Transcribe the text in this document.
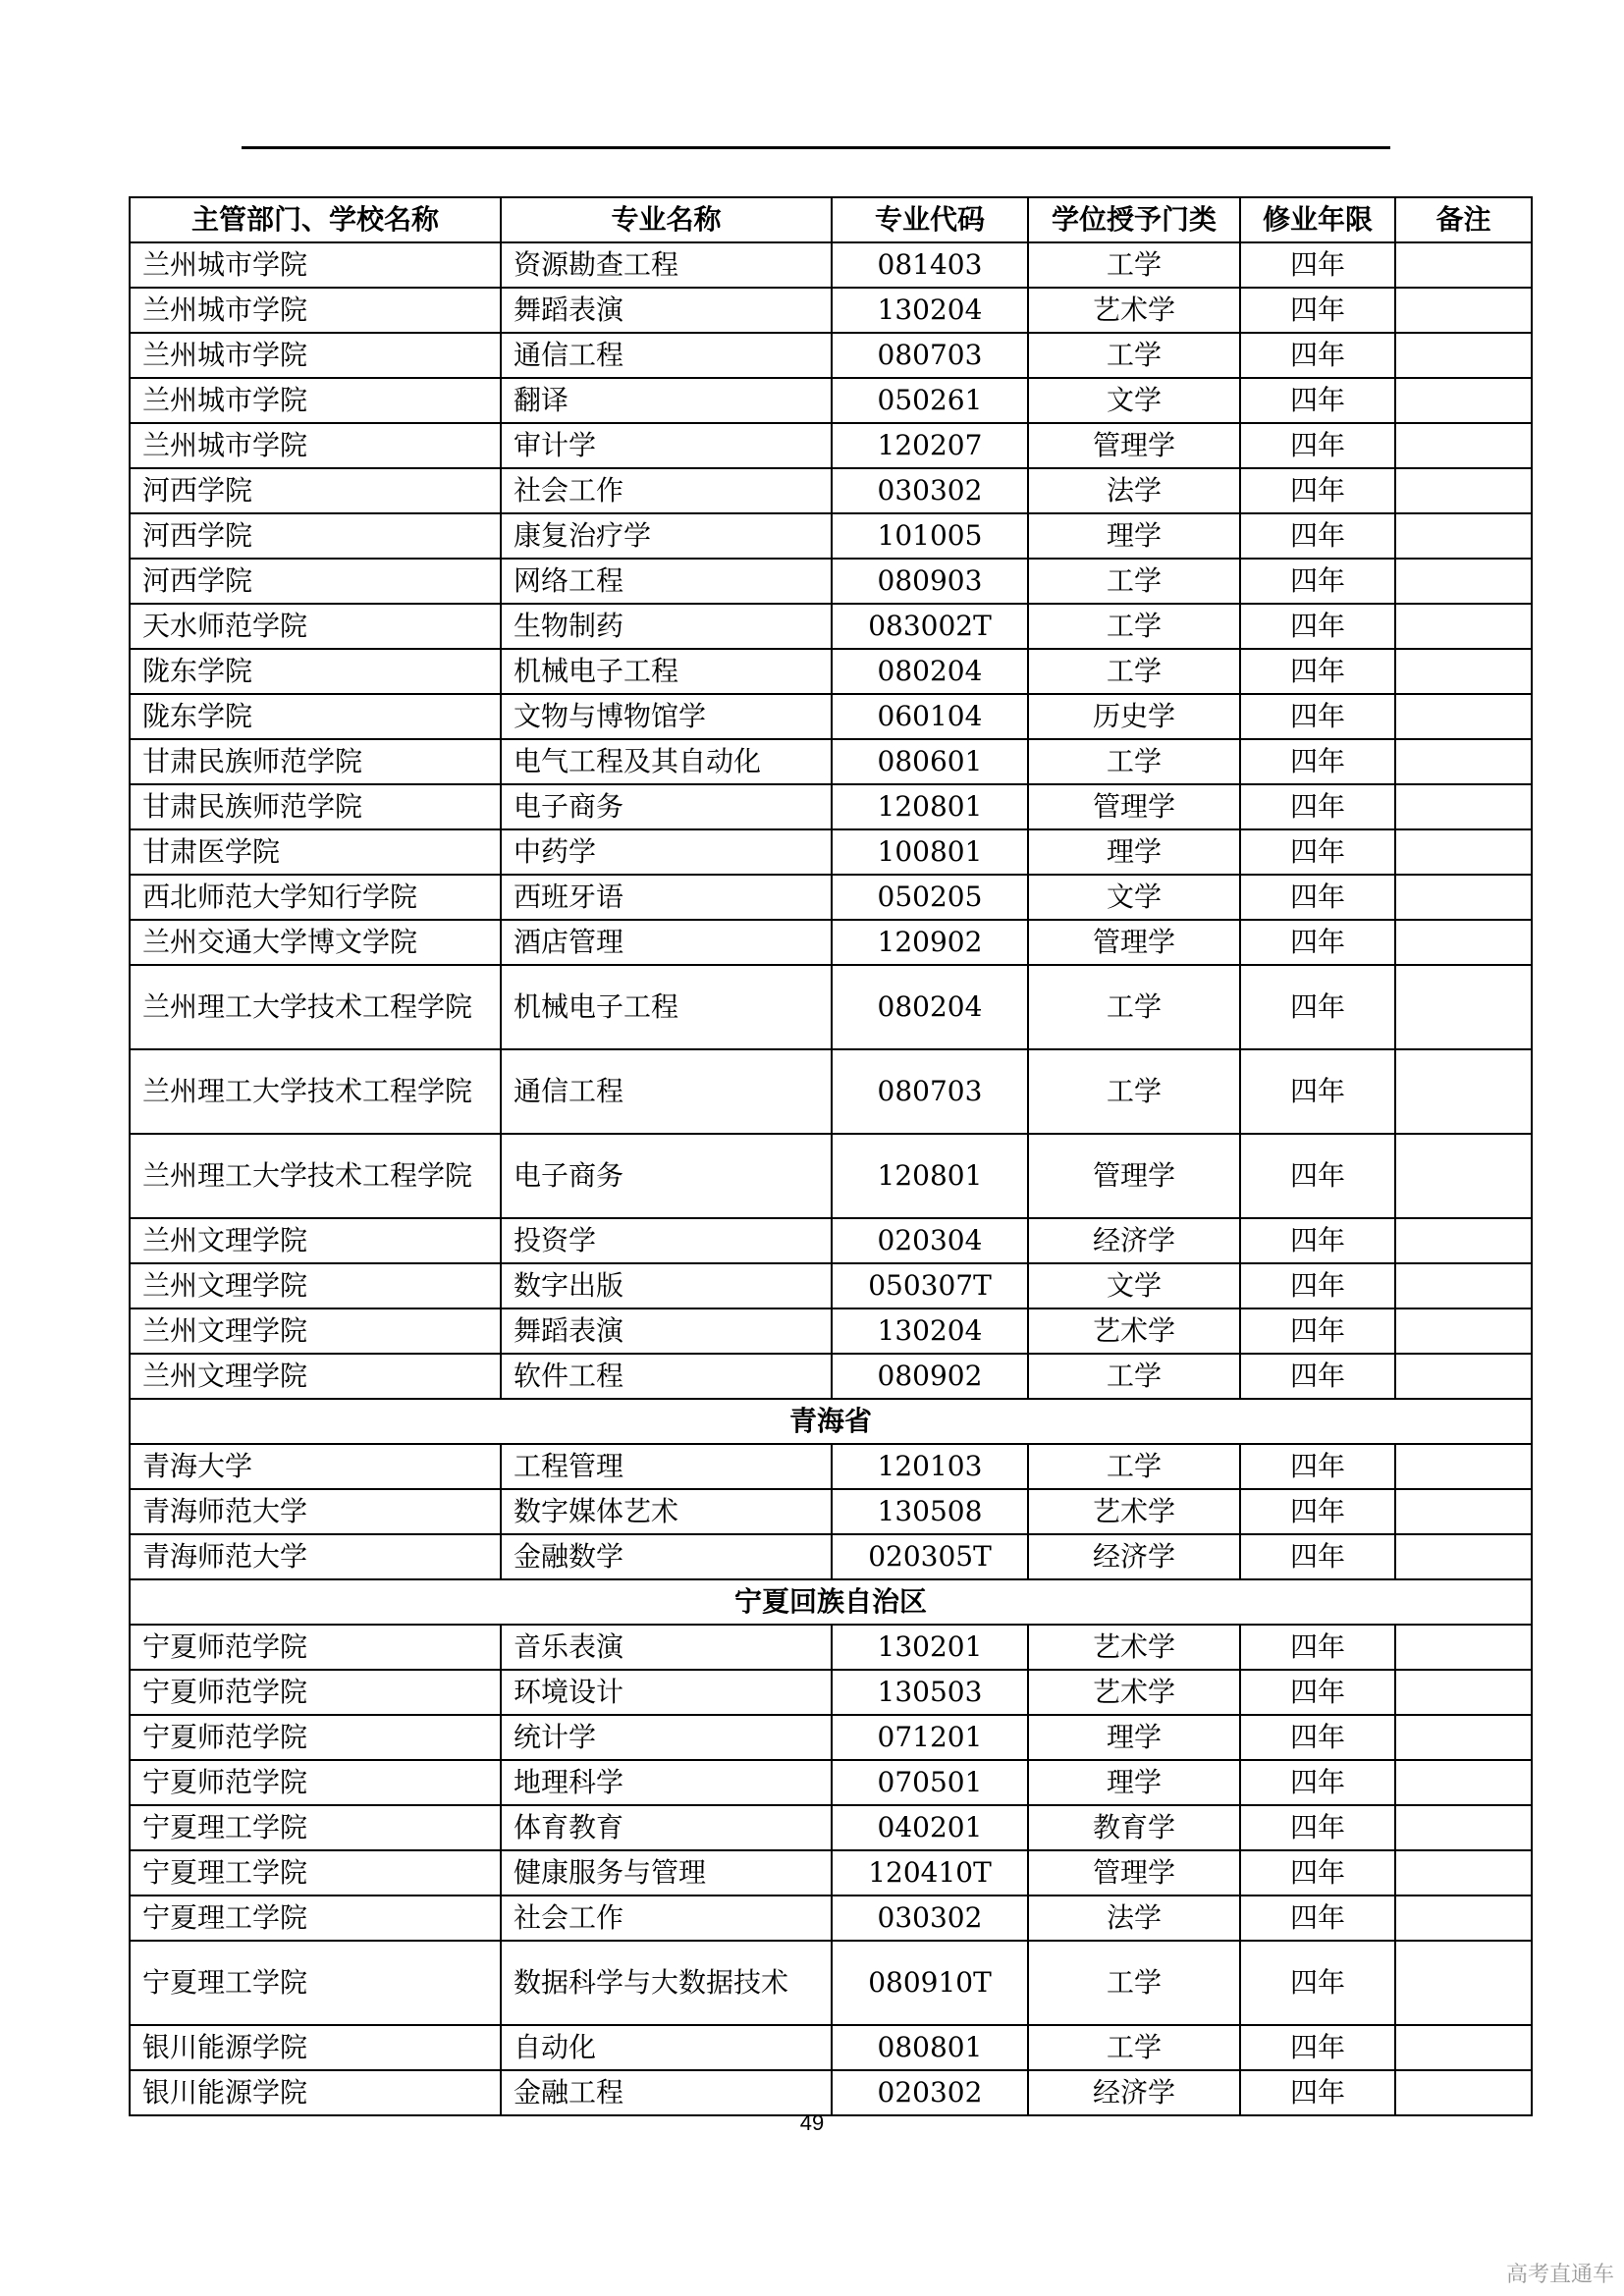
主管部门、学校名称	专业名称	专业代码	学位授予门类	修业年限	备注
兰州城市学院	资源勘查工程	081403	工学	四年	
兰州城市学院	舞蹈表演	130204	艺术学	四年	
兰州城市学院	通信工程	080703	工学	四年	
兰州城市学院	翻译	050261	文学	四年	
兰州城市学院	审计学	120207	管理学	四年	
河西学院	社会工作	030302	法学	四年	
河西学院	康复治疗学	101005	理学	四年	
河西学院	网络工程	080903	工学	四年	
天水师范学院	生物制药	083002T	工学	四年	
陇东学院	机械电子工程	080204	工学	四年	
陇东学院	文物与博物馆学	060104	历史学	四年	
甘肃民族师范学院	电气工程及其自动化	080601	工学	四年	
甘肃民族师范学院	电子商务	120801	管理学	四年	
甘肃医学院	中药学	100801	理学	四年	
西北师范大学知行学院	西班牙语	050205	文学	四年	
兰州交通大学博文学院	酒店管理	120902	管理学	四年	
兰州理工大学技术工程学院	机械电子工程	080204	工学	四年	
兰州理工大学技术工程学院	通信工程	080703	工学	四年	
兰州理工大学技术工程学院	电子商务	120801	管理学	四年	
兰州文理学院	投资学	020304	经济学	四年	
兰州文理学院	数字出版	050307T	文学	四年	
兰州文理学院	舞蹈表演	130204	艺术学	四年	
兰州文理学院	软件工程	080902	工学	四年	
青海省					
青海大学	工程管理	120103	工学	四年	
青海师范大学	数字媒体艺术	130508	艺术学	四年	
青海师范大学	金融数学	020305T	经济学	四年	
宁夏回族自治区					
宁夏师范学院	音乐表演	130201	艺术学	四年	
宁夏师范学院	环境设计	130503	艺术学	四年	
宁夏师范学院	统计学	071201	理学	四年	
宁夏师范学院	地理科学	070501	理学	四年	
宁夏理工学院	体育教育	040201	教育学	四年	
宁夏理工学院	健康服务与管理	120410T	管理学	四年	
宁夏理工学院	社会工作	030302	法学	四年	
宁夏理工学院	数据科学与大数据技术	080910T	工学	四年	
银川能源学院	自动化	080801	工学	四年	
银川能源学院	金融工程	020302	经济学	四年	
49
高考直通车
